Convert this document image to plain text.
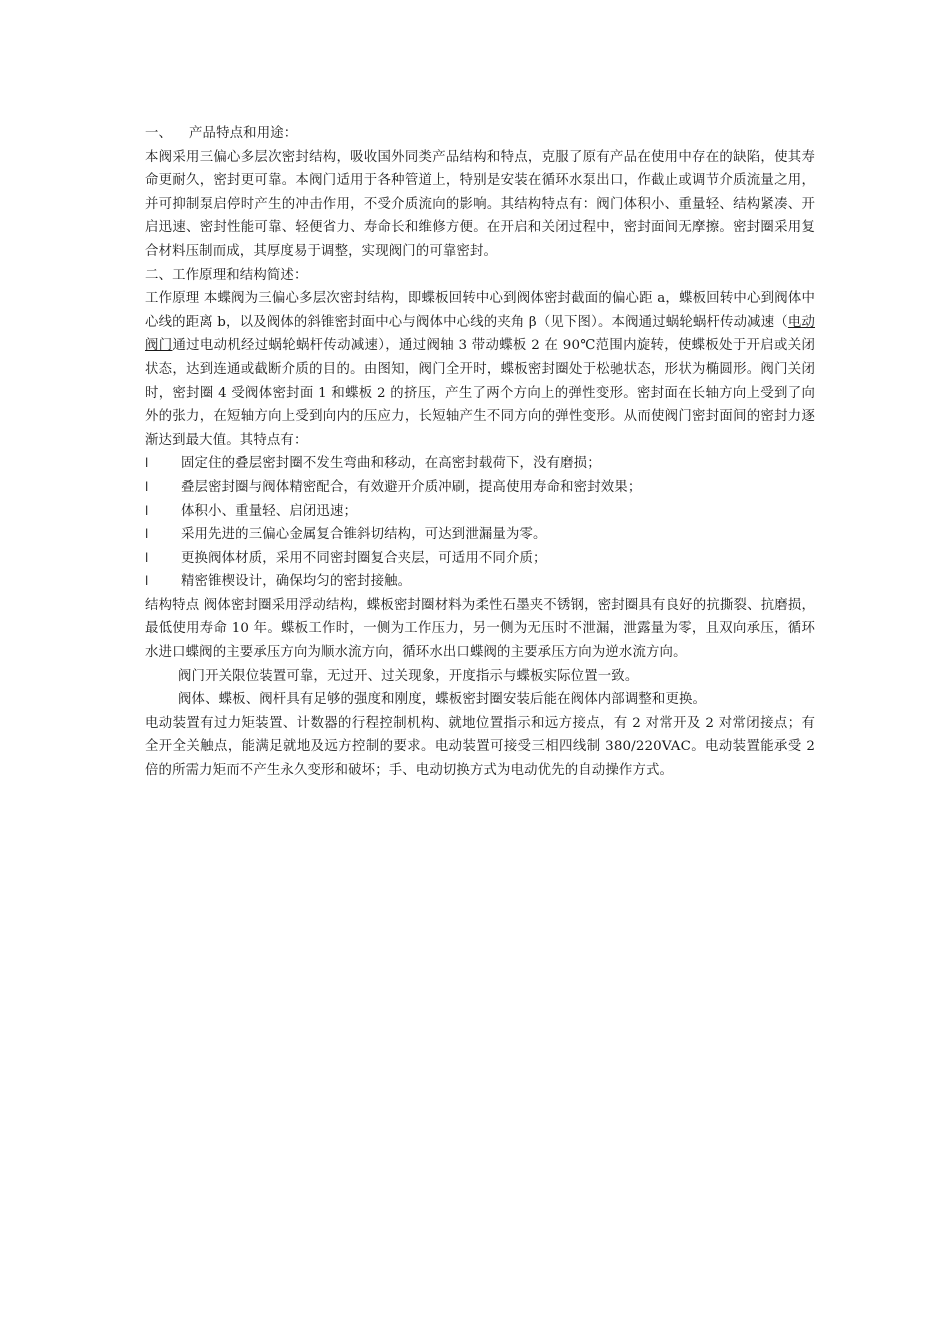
一、	产品特点和用途：

本阀采用三偏心多层次密封结构，吸收国外同类产品结构和特点，克服了原有产品在使用中存在的缺陷，使其寿命更耐久，密封更可靠。本阀门适用于各种管道上，特别是安装在循环水泵出口，作截止或调节介质流量之用，并可抑制泵启停时产生的冲击作用，不受介质流向的影响。其结构特点有：阀门体积小、重量轻、结构紧凑、开启迅速、密封性能可靠、轻便省力、寿命长和维修方便。在开启和关闭过程中，密封面间无摩擦。密封圈采用复合材料压制而成，其厚度易于调整，实现阀门的可靠密封。

二、工作原理和结构简述：

工作原理 本蝶阀为三偏心多层次密封结构，即蝶板回转中心到阀体密封截面的偏心距 a，蝶板回转中心到阀体中心线的距离 b，以及阀体的斜锥密封面中心与阀体中心线的夹角 β（见下图）。本阀通过蜗轮蜗杆传动减速（电动阀门通过电动机经过蜗轮蜗杆传动减速），通过阀轴 3 带动蝶板 2 在 90℃范围内旋转，使蝶板处于开启或关闭状态，达到连通或截断介质的目的。由图知，阀门全开时，蝶板密封圈处于松驰状态，形状为椭圆形。阀门关闭时，密封圈 4 受阀体密封面 1 和蝶板 2 的挤压，产生了两个方向上的弹性变形。密封面在长轴方向上受到了向外的张力，在短轴方向上受到向内的压应力，长短轴产生不同方向的弹性变形。从而使阀门密封面间的密封力逐渐达到最大值。其特点有：

l	固定住的叠层密封圈不发生弯曲和移动，在高密封载荷下，没有磨损；
l	叠层密封圈与阀体精密配合，有效避开介质冲刷，提高使用寿命和密封效果；
l	体积小、重量轻、启闭迅速；
l	采用先进的三偏心金属复合锥斜切结构，可达到泄漏量为零。
l	更换阀体材质，采用不同密封圈复合夹层，可适用不同介质；
l	精密锥楔设计，确保均匀的密封接触。

结构特点 阀体密封圈采用浮动结构，蝶板密封圈材料为柔性石墨夹不锈钢，密封圈具有良好的抗撕裂、抗磨损，最低使用寿命 10 年。蝶板工作时，一侧为工作压力，另一侧为无压时不泄漏，泄露量为零，且双向承压，循环水进口蝶阀的主要承压方向为顺水流方向，循环水出口蝶阀的主要承压方向为逆水流方向。

阀门开关限位装置可靠，无过开、过关现象，开度指示与蝶板实际位置一致。

阀体、蝶板、阀杆具有足够的强度和刚度，蝶板密封圈安装后能在阀体内部调整和更换。

电动装置有过力矩装置、计数器的行程控制机构、就地位置指示和远方接点，有 2 对常开及 2 对常闭接点；有全开全关触点，能满足就地及远方控制的要求。电动装置可接受三相四线制 380/220VAC。电动装置能承受 2 倍的所需力矩而不产生永久变形和破坏；手、电动切换方式为电动优先的自动操作方式。
